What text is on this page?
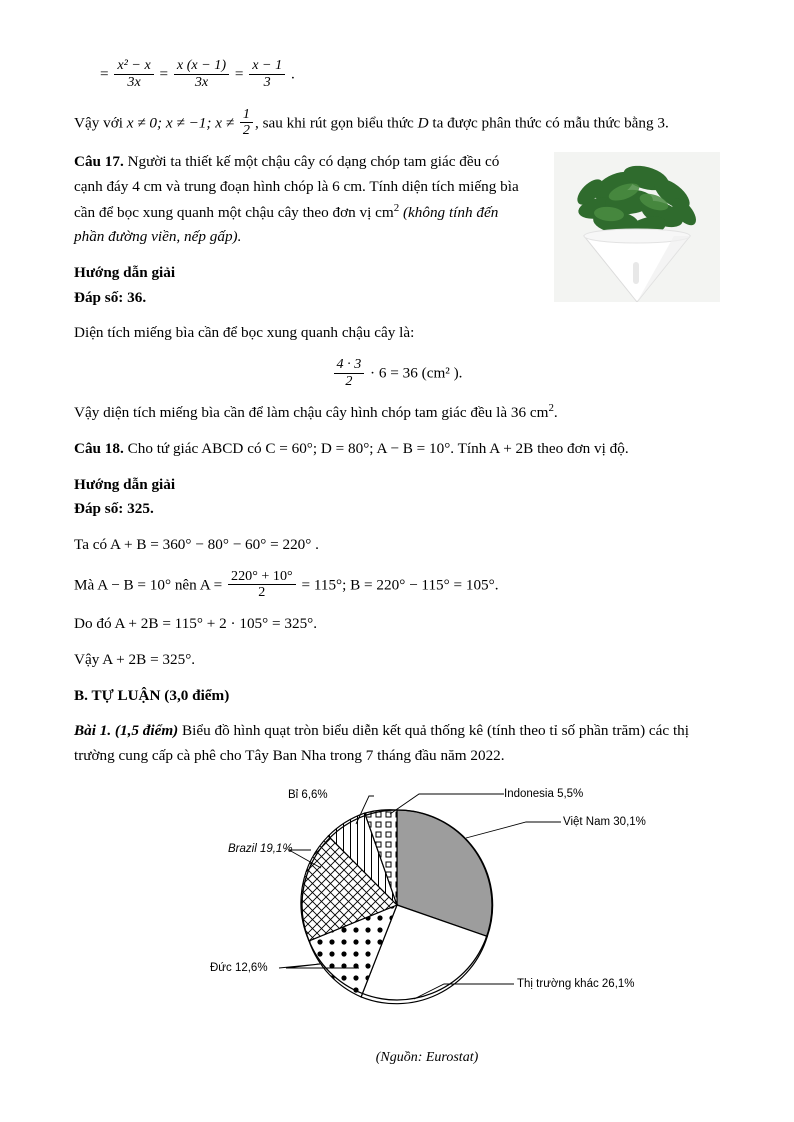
= $\frac{\text{x² − x}}{3x} = \frac{x (x - 1)}{3x} = \frac{x - 1}{3}$ .

Vậy với x ≠ 0; x ≠ −1; $x \ne \frac{1}{2}$ , sau khi rút gọn biểu thức D ta được phân thức có mẫu thức bằng 3.

Câu 17. Người ta thiết kế một chậu cây có dạng chóp tam giác đều có

cạnh đáy 4 cm và trung đoạn hình chóp là 6 cm. Tính diện tích miếng bìa

cần để bọc xung quanh một chậu cây theo đơn vị $cm^2$ (không tính đến

phần đường viền, nếp gấp).

Hướng dẫn giải

Đáp số: 36.

Diện tích miếng bìa cần để bọc xung quanh chậu cây là:

$\frac{4 \cdot 3}{2} \cdot 6 = 36$ (cm² ).

Vậy diện tích miếng bìa cần để làm chậu cây hình chóp tam giác đều là 36 $cm^2$.

Câu 18. Cho tứ giác ABCD có C = 60°; D = 80°; A − B = 10°. Tính A + 2B theo đơn vị độ.

Hướng dẫn giải

Đáp số: 325.

Ta có A + B = 360° − 80° − 60° = 220° .

Mà A − B = 10° nên $A = \frac{220^\circ + 10^\circ}{2} = 115^\circ$; B = 220° − 115° = 105°.

Do đó A + 2B = 115° + 2 · 105° = 325°.

Vậy A + 2B = 325°.

B. TỰ LUẬN (3,0 điểm)

Bài 1. (1,5 điểm) Biểu đồ hình quạt tròn biểu diễn kết quả thống kê (tính theo tỉ số phần trăm) các thị

trường cung cấp cà phê cho Tây Ban Nha trong 7 tháng đầu năm 2022.

Indonesia 5,5%
Việt Nam 30,1%
Thị trường khác 26,1%
Đức 12,6%
Brazil 19,1%
Bỉ 6,6%
(Nguồn: Eurostat)
